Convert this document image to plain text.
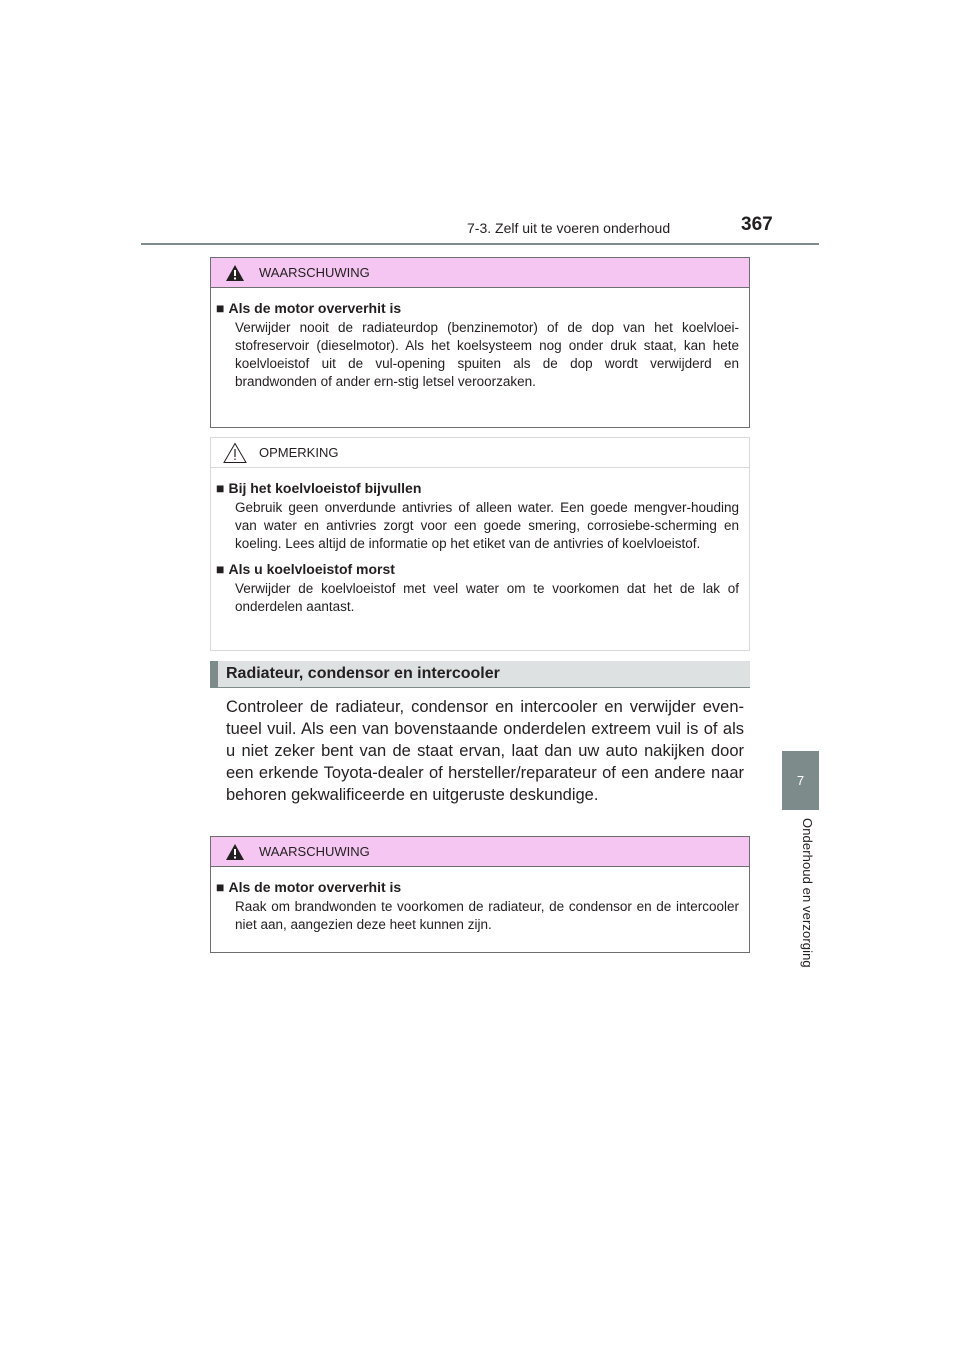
7-3. Zelf uit te voeren onderhoud	367
7
Onderhoud en verzorging
WAARSCHUWING
■ Als de motor oververhit is
Verwijder nooit de radiateurdop (benzinemotor) of de dop van het koelvloei-stofreservoir (dieselmotor). Als het koelsysteem nog onder druk staat, kan hete koelvloeistof uit de vul-opening spuiten als de dop wordt verwijderd en brandwonden of ander ern-stig letsel veroorzaken.
OPMERKING
■ Bij het koelvloeistof bijvullen
Gebruik geen onverdunde antivries of alleen water. Een goede mengver-houding van water en antivries zorgt voor een goede smering, corrosiebe-scherming en koeling. Lees altijd de informatie op het etiket van de antivries of koelvloeistof.
■ Als u koelvloeistof morst
Verwijder de koelvloeistof met veel water om te voorkomen dat het de lak of onderdelen aantast.
Radiateur, condensor en intercooler

Controleer de radiateur, condensor en intercooler en verwijder even-tueel vuil. Als een van bovenstaande onderdelen extreem vuil is of als u niet zeker bent van de staat ervan, laat dan uw auto nakijken door een erkende Toyota-dealer of hersteller/reparateur of een andere naar behoren gekwalificeerde en uitgeruste deskundige.

WAARSCHUWING
■ Als de motor oververhit is
Raak om brandwonden te voorkomen de radiateur, de condensor en de intercooler niet aan, aangezien deze heet kunnen zijn.
